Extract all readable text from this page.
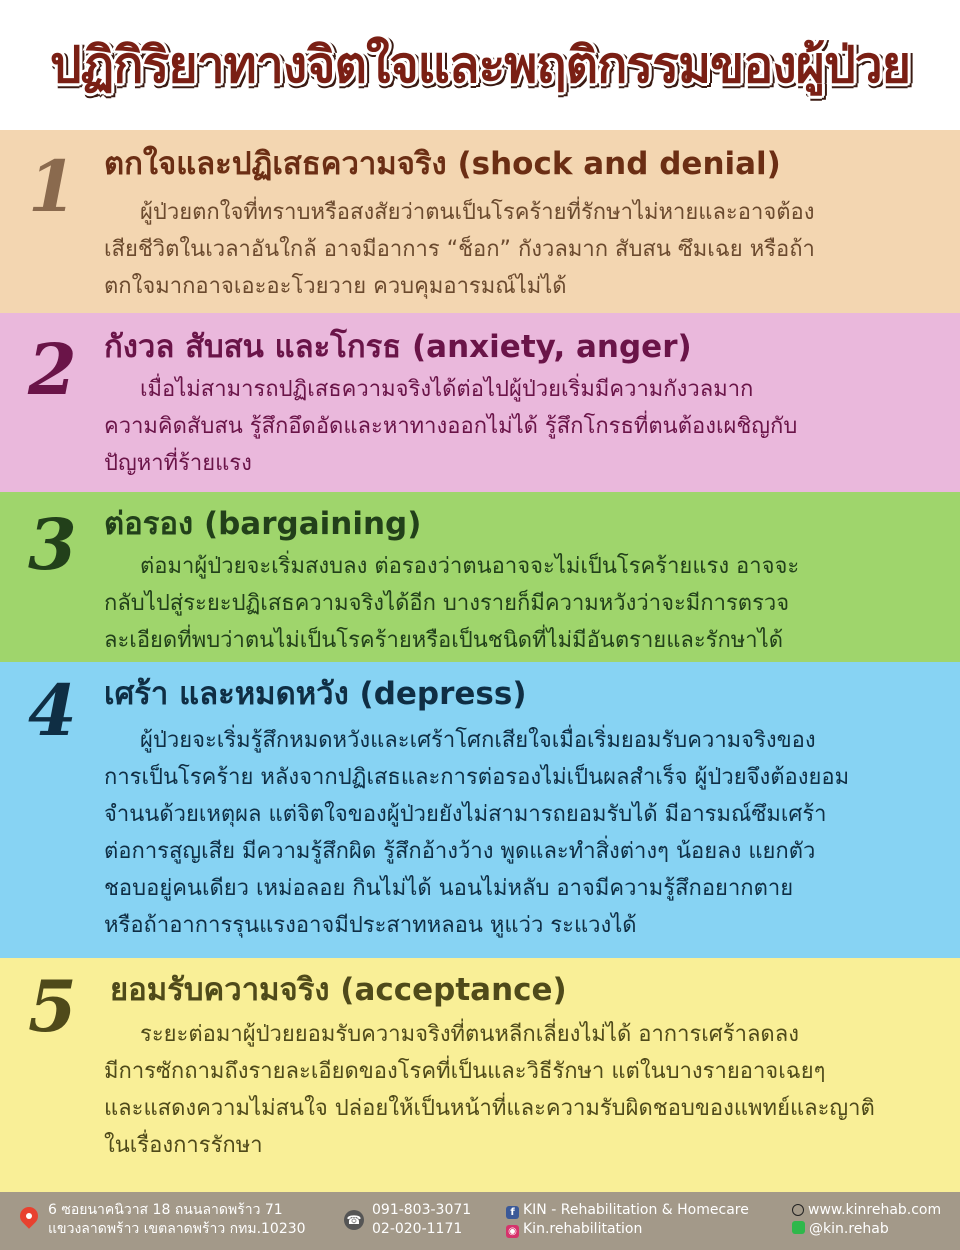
ปฏิกิริยาทางจิตใจและพฤติกรรมของผู้ป่วย
1 ตกใจและปฏิเสธความจริง (shock and denial)
ผู้ป่วยตกใจที่ทราบหรือสงสัยว่าตนเป็นโรคร้ายที่รักษาไม่หายและอาจต้อง
เสียชีวิตในเวลาอันใกล้ อาจมีอาการ “ช็อก” กังวลมาก สับสน ซึมเฉย หรือถ้า
ตกใจมากอาจเอะอะโวยวาย ควบคุมอารมณ์ไม่ได้
2 กังวล สับสน และโกรธ (anxiety, anger)
เมื่อไม่สามารถปฏิเสธความจริงได้ต่อไปผู้ป่วยเริ่มมีความกังวลมาก
ความคิดสับสน รู้สึกอึดอัดและหาทางออกไม่ได้ รู้สึกโกรธที่ตนต้องเผชิญกับ
ปัญหาที่ร้ายแรง
3 ต่อรอง (bargaining)
ต่อมาผู้ป่วยจะเริ่มสงบลง ต่อรองว่าตนอาจจะไม่เป็นโรคร้ายแรง อาจจะ
กลับไปสู่ระยะปฏิเสธความจริงได้อีก บางรายก็มีความหวังว่าจะมีการตรวจ
ละเอียดที่พบว่าตนไม่เป็นโรคร้ายหรือเป็นชนิดที่ไม่มีอันตรายและรักษาได้
4 เศร้า และหมดหวัง (depress)
ผู้ป่วยจะเริ่มรู้สึกหมดหวังและเศร้าโศกเสียใจเมื่อเริ่มยอมรับความจริงของ
การเป็นโรคร้าย หลังจากปฏิเสธและการต่อรองไม่เป็นผลสำเร็จ ผู้ป่วยจึงต้องยอม
จำนนด้วยเหตุผล แต่จิตใจของผู้ป่วยยังไม่สามารถยอมรับได้ มีอารมณ์ซึมเศร้า
ต่อการสูญเสีย มีความรู้สึกผิด รู้สึกอ้างว้าง พูดและทำสิ่งต่างๆ น้อยลง แยกตัว
ชอบอยู่คนเดียว เหม่อลอย กินไม่ได้ นอนไม่หลับ อาจมีความรู้สึกอยากตาย
หรือถ้าอาการรุนแรงอาจมีประสาทหลอน หูแว่ว ระแวงได้
5 ยอมรับความจริง (acceptance)
ระยะต่อมาผู้ป่วยยอมรับความจริงที่ตนหลีกเลี่ยงไม่ได้ อาการเศร้าลดลง
มีการซักถามถึงรายละเอียดของโรคที่เป็นและวิธีรักษา แต่ในบางรายอาจเฉยๆ
และแสดงความไม่สนใจ ปล่อยให้เป็นหน้าที่และความรับผิดชอบของแพทย์และญาติ
ในเรื่องการรักษา
6 ซอยนาคนิวาส 18 ถนนลาดพร้าว 71
แขวงลาดพร้าว เขตลาดพร้าว กทม.10230
☎
091-803-3071
02-020-1171
f KIN - Rehabilitation & Homecare
◉ Kin.rehabilitation
www.kinrehab.com
@kin.rehab
